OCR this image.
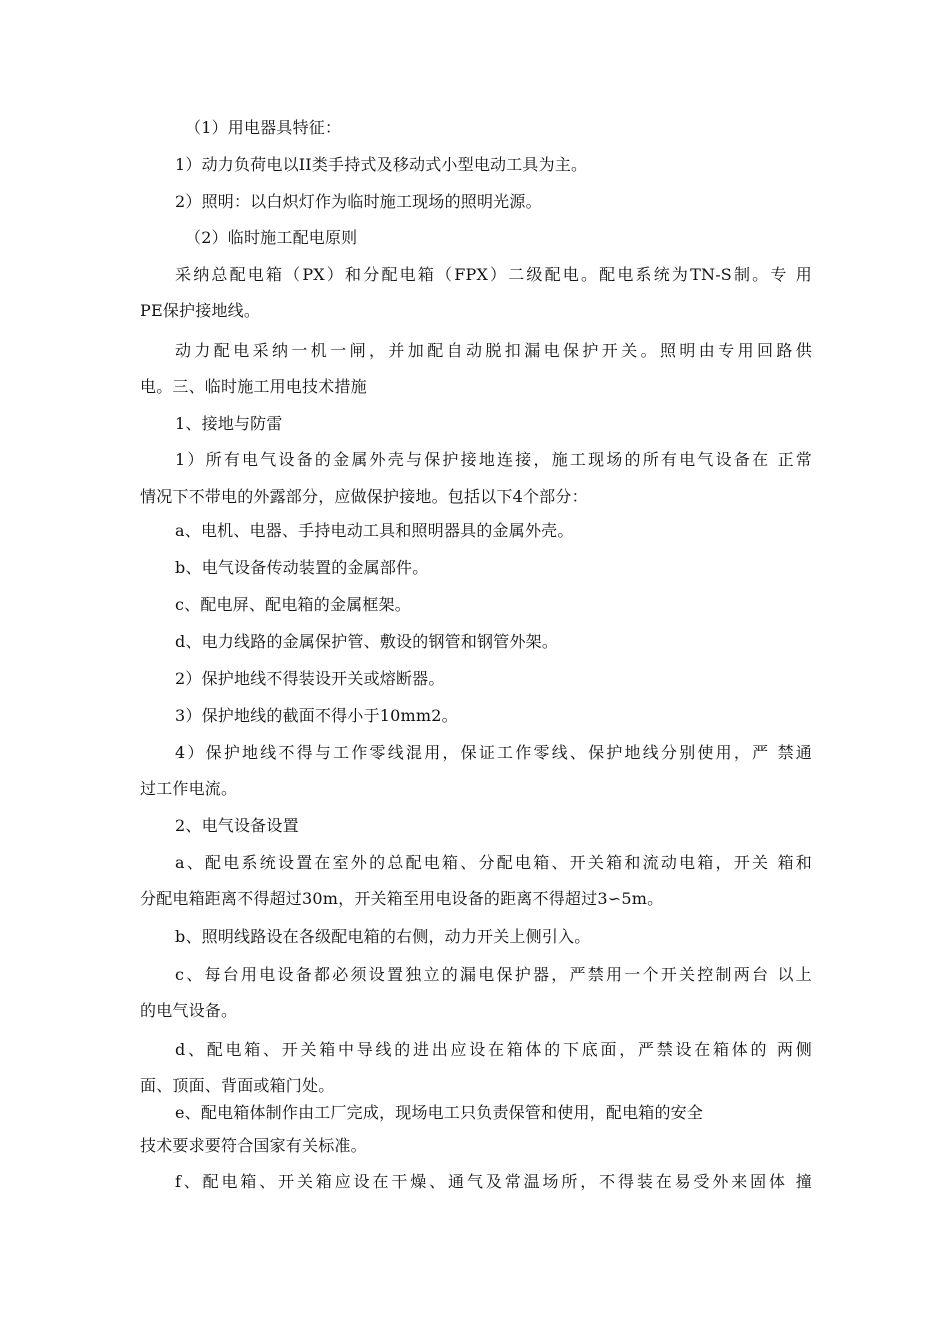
（1）用电器具特征：
1）动力负荷电以II类手持式及移动式小型电动工具为主。
2）照明：以白炽灯作为临时施工现场的照明光源。
（2）临时施工配电原则
采纳总配电箱（PX）和分配电箱（FPX）二级配电。配电系统为TN-S制。专 用
PE保护接地线。
动力配电采纳一机一闸，并加配自动脱扣漏电保护开关。照明由专用回路供
电。三、临时施工用电技术措施
1、接地与防雷
1）所有电气设备的金属外壳与保护接地连接，施工现场的所有电气设备在 正常
情况下不带电的外露部分，应做保护接地。包括以下4个部分：
a、电机、电器、手持电动工具和照明器具的金属外壳。
b、电气设备传动装置的金属部件。
c、配电屏、配电箱的金属框架。
d、电力线路的金属保护管、敷设的钢管和钢管外架。
2）保护地线不得装设开关或熔断器。
3）保护地线的截面不得小于10mm2。
4）保护地线不得与工作零线混用，保证工作零线、保护地线分别使用，严 禁通
过工作电流。
2、电气设备设置
a、配电系统设置在室外的总配电箱、分配电箱、开关箱和流动电箱，开关 箱和
分配电箱距离不得超过30m，开关箱至用电设备的距离不得超过3∽5m。
b、照明线路设在各级配电箱的右侧，动力开关上侧引入。
c、每台用电设备都必须设置独立的漏电保护器，严禁用一个开关控制两台 以上
的电气设备。
d、配电箱、开关箱中导线的进出应设在箱体的下底面，严禁设在箱体的 两侧
面、顶面、背面或箱门处。
e、配电箱体制作由工厂完成，现场电工只负责保管和使用，配电箱的安全
技术要求要符合国家有关标准。
f、配电箱、开关箱应设在干燥、通气及常温场所，不得装在易受外来固体 撞
